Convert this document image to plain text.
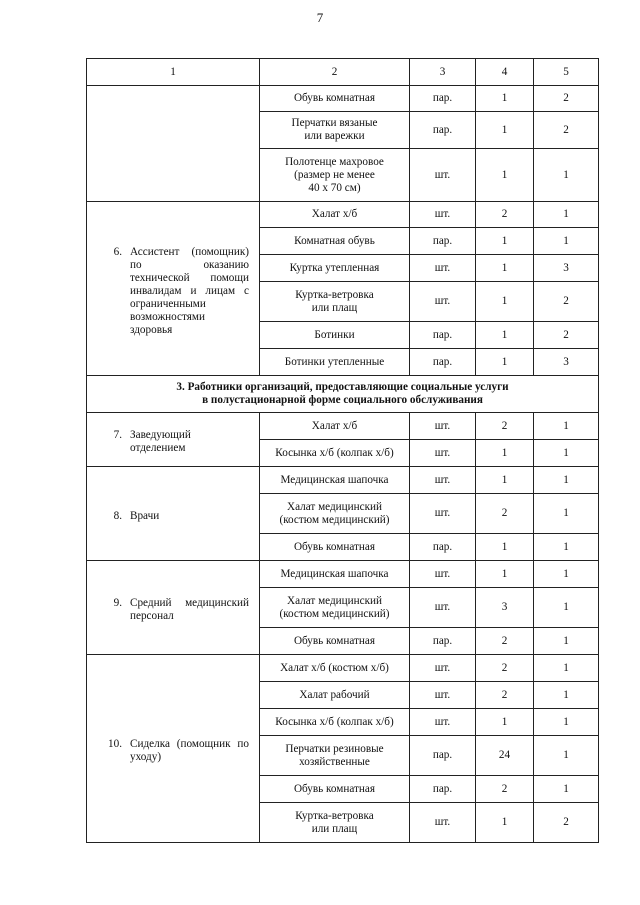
7
1	2	3	4	5
	Обувь комнатная	пар.	1	2
	Перчатки вязаные
или варежки	пар.	1	2
	Полотенце махровое
(размер не менее
40 х 70 см)	шт.	1	1

6. Ассистент (помощник) по оказанию технической помощи инвалидам и лицам с ограниченными возможностями здоровья	Халат х/б	шт.	2	1
	Комнатная обувь	пар.	1	1
	Куртка утепленная	шт.	1	3
	Куртка-ветровка
или плащ	шт.	1	2
	Ботинки	пар.	1	2
	Ботинки утепленные	пар.	1	3
3. Работники организаций, предоставляющие социальные услуги
в полустационарной форме социального обслуживания				

7. Заведующий отделением	Халат х/б	шт.	2	1
	Косынка х/б (колпак х/б)	шт.	1	1

8. Врачи	Медицинская шапочка	шт.	1	1
	Халат медицинский
(костюм медицинский)	шт.	2	1
	Обувь комнатная	пар.	1	1

9. Средний медицинский персонал	Медицинская шапочка	шт.	1	1
	Халат медицинский
(костюм медицинский)	шт.	3	1
	Обувь комнатная	пар.	2	1

10. Сиделка (помощник по уходу)	Халат х/б (костюм х/б)	шт.	2	1
	Халат рабочий	шт.	2	1
	Косынка х/б (колпак х/б)	шт.	1	1
	Перчатки резиновые
хозяйственные	пар.	24	1
	Обувь комнатная	пар.	2	1
	Куртка-ветровка
или плащ	шт.	1	2
